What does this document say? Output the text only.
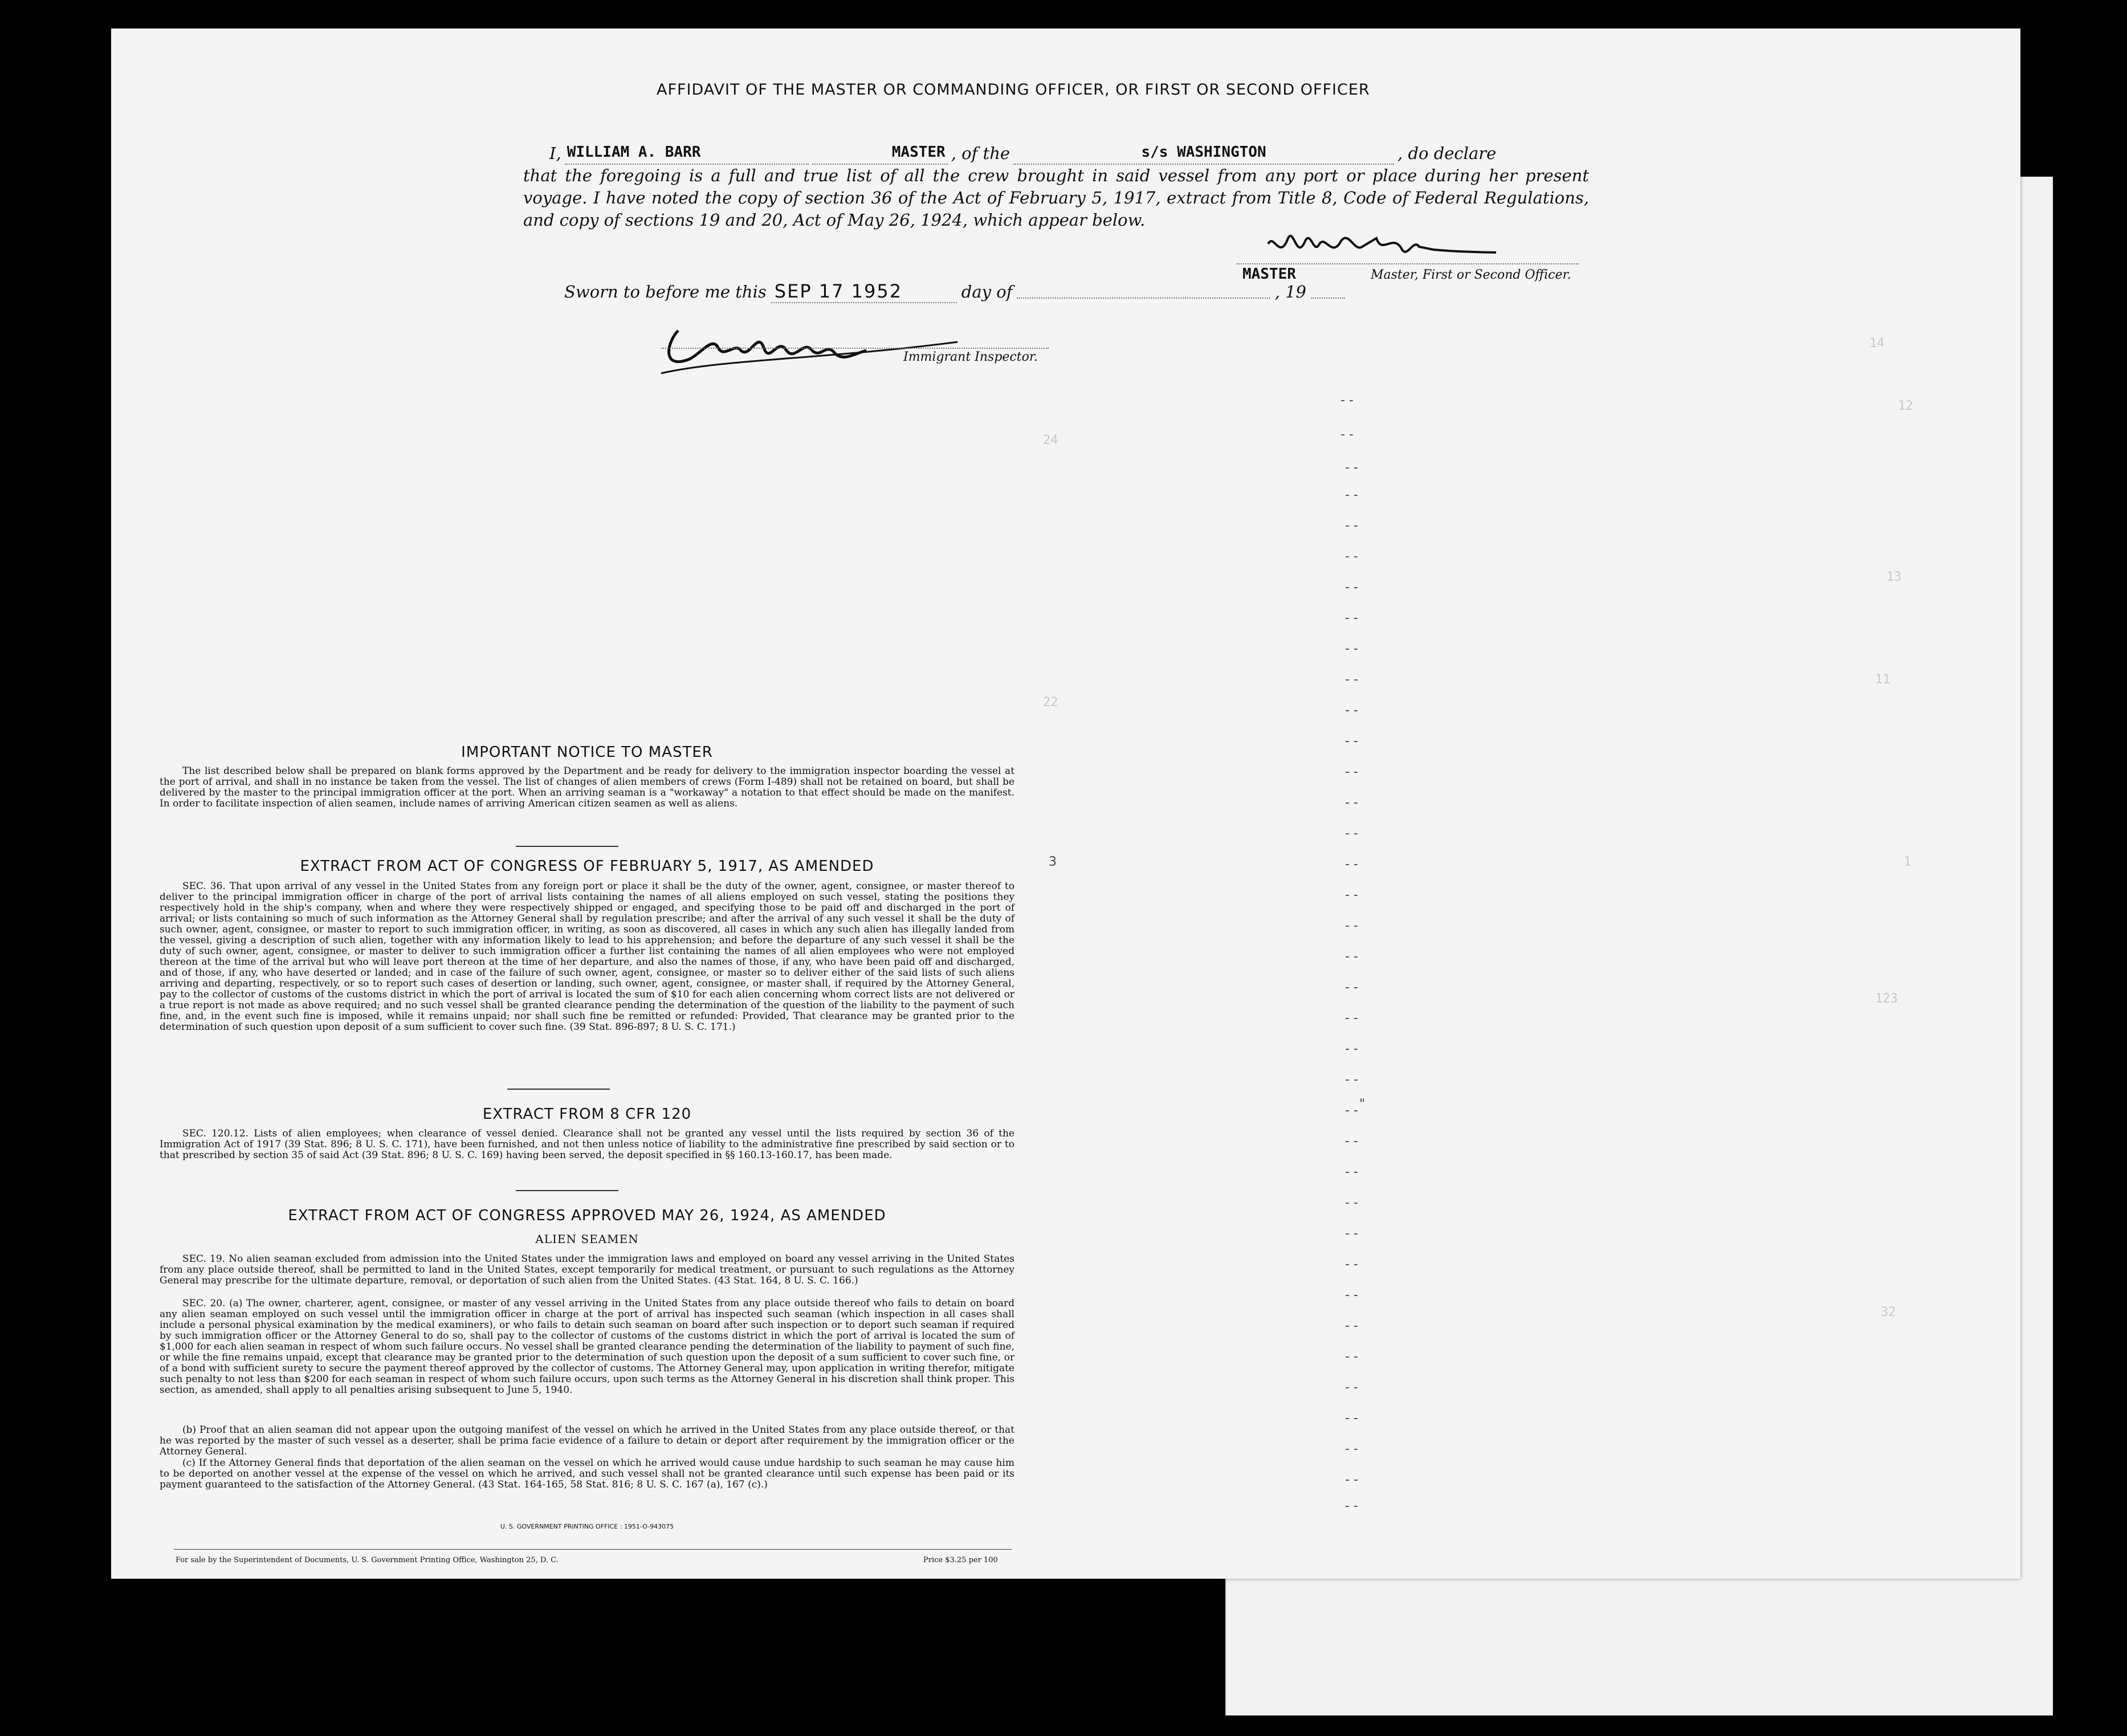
14
12
13
11
1
24
22
123
32
AFFIDAVIT OF THE MASTER OR COMMANDING OFFICER, OR FIRST OR SECOND OFFICER
I, WILLIAM A. BARR	MASTER , of the	s/s WASHINGTON	, do declare
that the foregoing is a full and true list of all the crew brought in said vessel from any port or place during her present voyage. I have noted the copy of section 36 of the Act of February 5, 1917, extract from Title 8, Code of Federal Regulations, and copy of sections 19 and 20, Act of May 26, 1924, which appear below.
MASTER	Master, First or Second Officer.
Sworn to before me this SEP 17 1952	day of	, 19
Immigrant Inspector.
- -
- -
- -
- -
- -
- -
- -
- -
- -
- -
- -
- -
- -
- -
- -
- -
- -
- -
- -
- -
- -
- -
- -
- -
- -
- -
- -
- -
- -
- -
- -
- -
- -
- -
- -
- -
- -
"
3
IMPORTANT NOTICE TO MASTER
The list described below shall be prepared on blank forms approved by the Department and be ready for delivery to the immigration inspector boarding the vessel at the port of arrival, and shall in no instance be taken from the vessel. The list of changes of alien members of crews (Form I-489) shall not be retained on board, but shall be delivered by the master to the principal immigration officer at the port. When an arriving seaman is a "workaway" a notation to that effect should be made on the manifest. In order to facilitate inspection of alien seamen, include names of arriving American citizen seamen as well as aliens.
EXTRACT FROM ACT OF CONGRESS OF FEBRUARY 5, 1917, AS AMENDED
SEC. 36. That upon arrival of any vessel in the United States from any foreign port or place it shall be the duty of the owner, agent, consignee, or master thereof to deliver to the principal immigration officer in charge of the port of arrival lists containing the names of all aliens employed on such vessel, stating the positions they respectively hold in the ship's company, when and where they were respectively shipped or engaged, and specifying those to be paid off and discharged in the port of arrival; or lists containing so much of such information as the Attorney General shall by regulation prescribe; and after the arrival of any such vessel it shall be the duty of such owner, agent, consignee, or master to report to such immigration officer, in writing, as soon as discovered, all cases in which any such alien has illegally landed from the vessel, giving a description of such alien, together with any information likely to lead to his apprehension; and before the departure of any such vessel it shall be the duty of such owner, agent, consignee, or master to deliver to such immigration officer a further list containing the names of all alien employees who were not employed thereon at the time of the arrival but who will leave port thereon at the time of her departure, and also the names of those, if any, who have been paid off and discharged, and of those, if any, who have deserted or landed; and in case of the failure of such owner, agent, consignee, or master so to deliver either of the said lists of such aliens arriving and departing, respectively, or so to report such cases of desertion or landing, such owner, agent, consignee, or master shall, if required by the Attorney General, pay to the collector of customs of the customs district in which the port of arrival is located the sum of $10 for each alien concerning whom correct lists are not delivered or a true report is not made as above required; and no such vessel shall be granted clearance pending the determination of the question of the liability to the payment of such fine, and, in the event such fine is imposed, while it remains unpaid; nor shall such fine be remitted or refunded: Provided, That clearance may be granted prior to the determination of such question upon deposit of a sum sufficient to cover such fine. (39 Stat. 896-897; 8 U. S. C. 171.)
EXTRACT FROM 8 CFR 120
SEC. 120.12. Lists of alien employees; when clearance of vessel denied. Clearance shall not be granted any vessel until the lists required by section 36 of the Immigration Act of 1917 (39 Stat. 896; 8 U. S. C. 171), have been furnished, and not then unless notice of liability to the administrative fine prescribed by said section or to that prescribed by section 35 of said Act (39 Stat. 896; 8 U. S. C. 169) having been served, the deposit specified in §§ 160.13-160.17, has been made.
EXTRACT FROM ACT OF CONGRESS APPROVED MAY 26, 1924, AS AMENDED
ALIEN SEAMEN
SEC. 19. No alien seaman excluded from admission into the United States under the immigration laws and employed on board any vessel arriving in the United States from any place outside thereof, shall be permitted to land in the United States, except temporarily for medical treatment, or pursuant to such regulations as the Attorney General may prescribe for the ultimate departure, removal, or deportation of such alien from the United States. (43 Stat. 164, 8 U. S. C. 166.)
SEC. 20. (a) The owner, charterer, agent, consignee, or master of any vessel arriving in the United States from any place outside thereof who fails to detain on board any alien seaman employed on such vessel until the immigration officer in charge at the port of arrival has inspected such seaman (which inspection in all cases shall include a personal physical examination by the medical examiners), or who fails to detain such seaman on board after such inspection or to deport such seaman if required by such immigration officer or the Attorney General to do so, shall pay to the collector of customs of the customs district in which the port of arrival is located the sum of $1,000 for each alien seaman in respect of whom such failure occurs. No vessel shall be granted clearance pending the determination of the liability to payment of such fine, or while the fine remains unpaid, except that clearance may be granted prior to the determination of such question upon the deposit of a sum sufficient to cover such fine, or of a bond with sufficient surety to secure the payment thereof approved by the collector of customs. The Attorney General may, upon application in writing therefor, mitigate such penalty to not less than $200 for each seaman in respect of whom such failure occurs, upon such terms as the Attorney General in his discretion shall think proper. This section, as amended, shall apply to all penalties arising subsequent to June 5, 1940.
(b) Proof that an alien seaman did not appear upon the outgoing manifest of the vessel on which he arrived in the United States from any place outside thereof, or that he was reported by the master of such vessel as a deserter, shall be prima facie evidence of a failure to detain or deport after requirement by the immigration officer or the Attorney General.
(c) If the Attorney General finds that deportation of the alien seaman on the vessel on which he arrived would cause undue hardship to such seaman he may cause him to be deported on another vessel at the expense of the vessel on which he arrived, and such vessel shall not be granted clearance until such expense has been paid or its payment guaranteed to the satisfaction of the Attorney General. (43 Stat. 164-165, 58 Stat. 816; 8 U. S. C. 167 (a), 167 (c).)
U. S. GOVERNMENT PRINTING OFFICE : 1951-O-943075
For sale by the Superintendent of Documents, U. S. Government Printing Office, Washington 25, D. C.	Price $3.25 per 100
